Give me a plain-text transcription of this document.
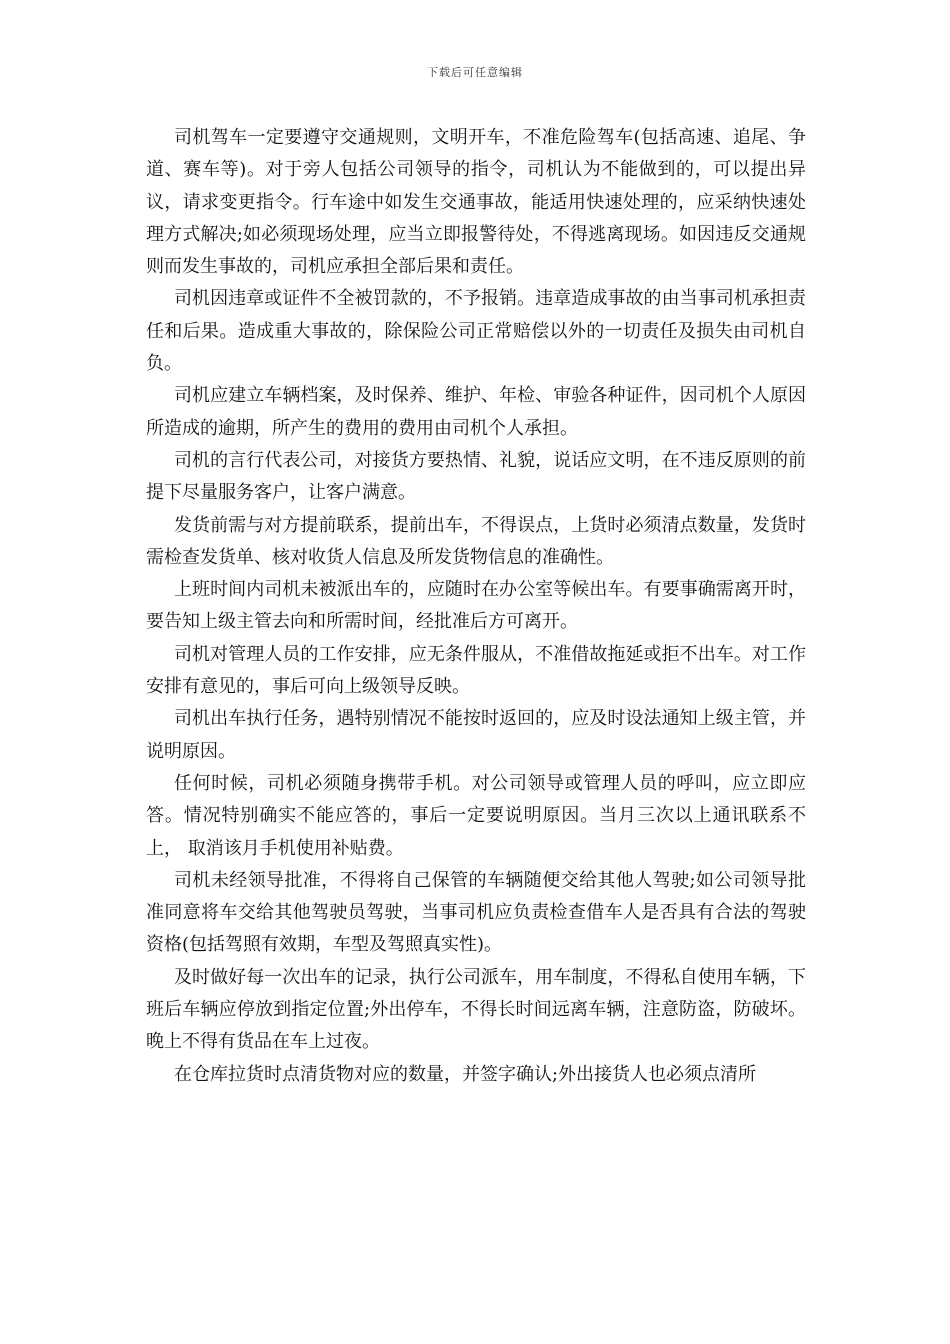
下载后可任意编辑

司机驾车一定要遵守交通规则，文明开车，不准危险驾车(包括高速、追尾、争道、赛车等)。对于旁人包括公司领导的指令，司机认为不能做到的，可以提出异议，请求变更指令。行车途中如发生交通事故，能适用快速处理的，应采纳快速处理方式解决;如必须现场处理，应当立即报警待处，不得逃离现场。如因违反交通规则而发生事故的，司机应承担全部后果和责任。

司机因违章或证件不全被罚款的，不予报销。违章造成事故的由当事司机承担责任和后果。造成重大事故的，除保险公司正常赔偿以外的一切责任及损失由司机自负。

司机应建立车辆档案，及时保养、维护、年检、审验各种证件，因司机个人原因所造成的逾期，所产生的费用的费用由司机个人承担。

司机的言行代表公司，对接货方要热情、礼貌，说话应文明，在不违反原则的前提下尽量服务客户，让客户满意。

发货前需与对方提前联系，提前出车，不得误点，上货时必须清点数量，发货时需检查发货单、核对收货人信息及所发货物信息的准确性。

上班时间内司机未被派出车的，应随时在办公室等候出车。有要事确需离开时，要告知上级主管去向和所需时间，经批准后方可离开。

司机对管理人员的工作安排，应无条件服从，不准借故拖延或拒不出车。对工作安排有意见的，事后可向上级领导反映。

司机出车执行任务，遇特别情况不能按时返回的，应及时设法通知上级主管，并说明原因。

任何时候，司机必须随身携带手机。对公司领导或管理人员的呼叫，应立即应答。情况特别确实不能应答的，事后一定要说明原因。当月三次以上通讯联系不上， 取消该月手机使用补贴费。

司机未经领导批准，不得将自己保管的车辆随便交给其他人驾驶;如公司领导批准同意将车交给其他驾驶员驾驶，当事司机应负责检查借车人是否具有合法的驾驶资格(包括驾照有效期，车型及驾照真实性)。

及时做好每一次出车的记录，执行公司派车，用车制度，不得私自使用车辆，下班后车辆应停放到指定位置;外出停车，不得长时间远离车辆，注意防盗，防破坏。晚上不得有货品在车上过夜。

在仓库拉货时点清货物对应的数量，并签字确认;外出接货人也必须点清所
